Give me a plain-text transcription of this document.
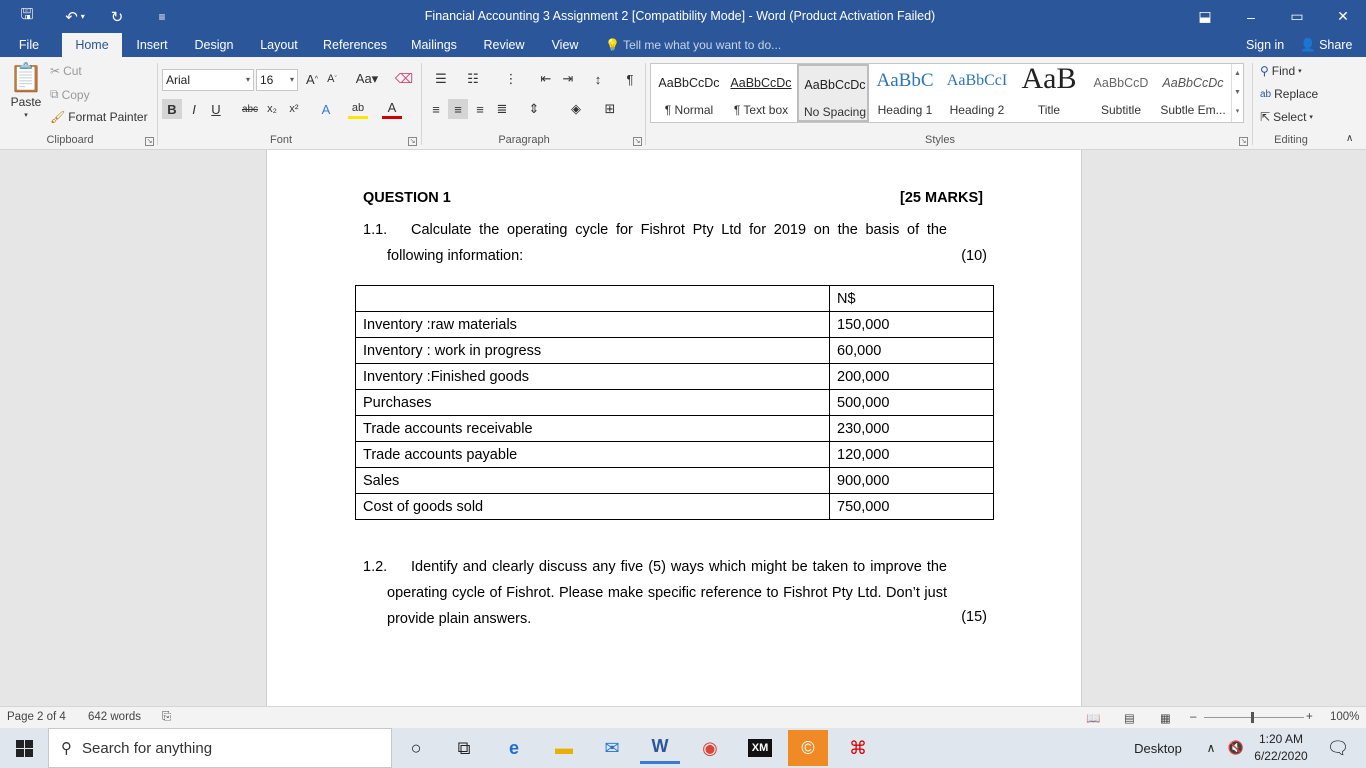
🖫	↶ ▾	↻	≡	Financial Accounting 3 Assignment 2 [Compatibility Mode] - Word (Product Activation Failed)	⬓	–	▭	✕
File	Home	Insert	Design	Layout	References	Mailings	Review	View	💡 Tell me what you want to do...	Sign in 👤 Share
📋
Paste
▾
✂ Cut
⧉ Copy
🖌 Format Painter
Clipboard	↘
Arial	▾ 16 ▾ A ^ A ˇ Aa▾ ⌫
B	I	U	abc x₂	x²	A	ab	A
Font	↘
☰	☷	⋮	⇤ ⇥	↕	¶
≡	≡	≡ ≣	⇕	◈	⊞
Paragraph	↘
AaBbCcDc
¶ Normal
AaBbCcDc
¶ Text box
AaBbCcDc
No Spacing
AaBbC
Heading 1
AaBbCcI
Heading 2
AaB
Title
AaBbCcD
Subtitle
AaBbCcDc
Subtle Em...
▲
▼
▾
Styles	↘
⚲ Find ▾
ab Replace
⇱ Select ▾
Editing	∧
QUESTION 1	[25 MARKS]
1.1.	Calculate the operating cycle for Fishrot Pty Ltd for 2019 on the basis of the following information:	(10)
	N$
Inventory :raw materials	150,000
Inventory : work in progress	60,000
Inventory :Finished goods	200,000
Purchases	500,000
Trade accounts receivable	230,000
Trade accounts payable	120,000
Sales	900,000
Cost of goods sold	750,000
1.2.	Identify and clearly discuss any five (5) ways which might be taken to improve the operating cycle of Fishrot. Please make specific reference to Fishrot Pty Ltd. Don’t just provide plain answers.	(15)
Page 2 of 4 642 words ⎘	📖 ▤ ▦ –	+ 100%
⚲ Search for anything	○	⧉	e	▬	✉	W	◉	XM	©	⌘	Desktop	∧ 🔇
1:20 AM
6/22/2020	🗨
